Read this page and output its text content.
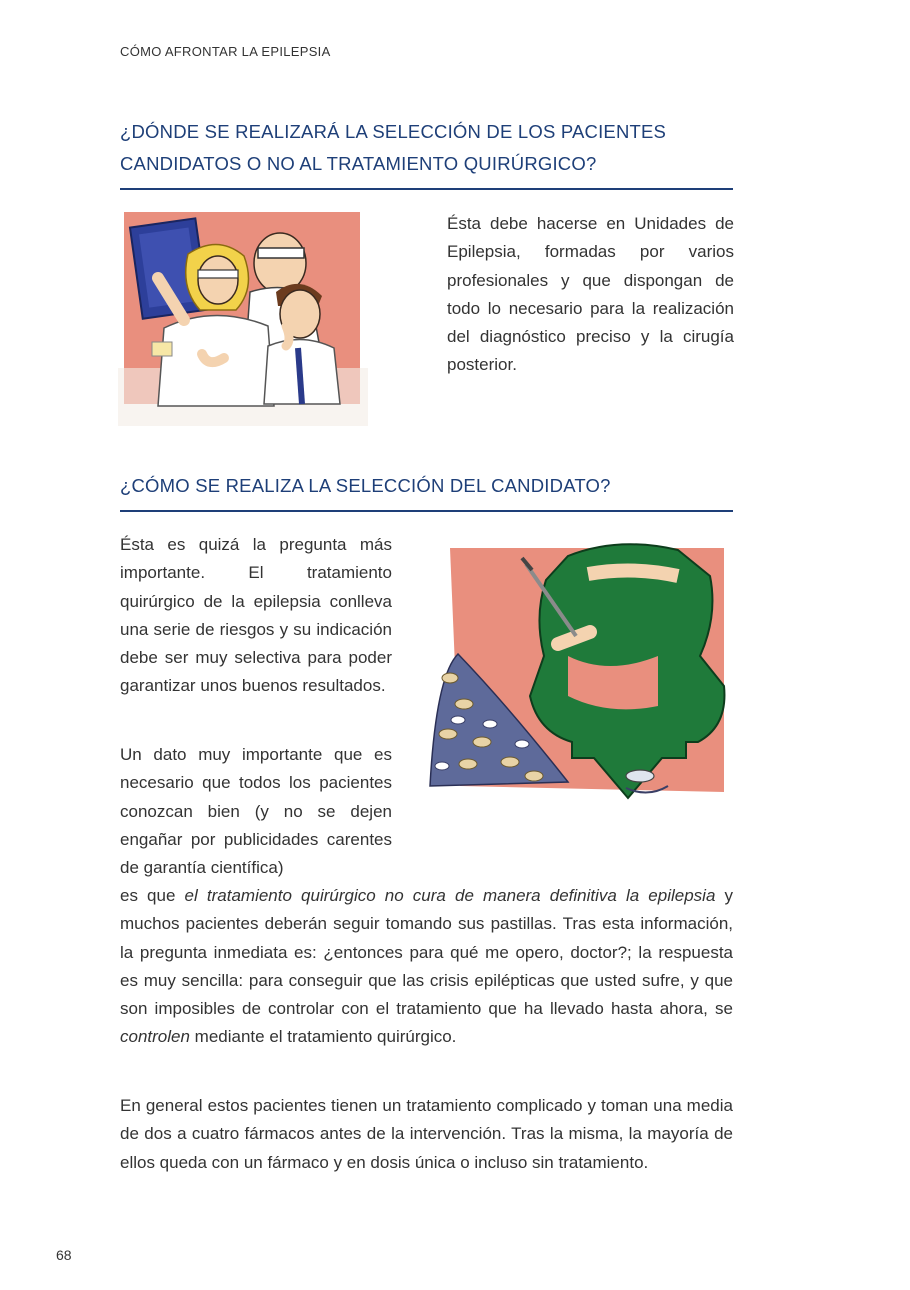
CÓMO AFRONTAR LA EPILEPSIA
¿DÓNDE SE REALIZARÁ LA SELECCIÓN DE LOS PACIENTES CANDIDATOS O NO AL TRATAMIENTO QUIRÚRGICO?

Ésta debe hacerse en Unidades de Epilepsia, formadas por varios profesionales y que dispongan de todo lo necesario para la realización del diagnóstico preciso y la cirugía posterior.

¿CÓMO SE REALIZA LA SELECCIÓN DEL CANDIDATO?

Ésta es quizá la pregunta más importante. El tratamiento quirúrgico de la epilepsia conlleva una serie de riesgos y su indicación debe ser muy selectiva para poder garantizar unos buenos resultados.

Un dato muy importante que es necesario que todos los pacientes conozcan bien (y no se dejen engañar por publicidades carentes de garantía científica)

es que el tratamiento quirúrgico no cura de manera definitiva la epilepsia y muchos pacientes deberán seguir tomando sus pastillas. Tras esta información, la pregunta inmediata es: ¿entonces para qué me opero, doctor?; la respuesta es muy sencilla: para conseguir que las crisis epilépticas que usted sufre, y que son imposibles de controlar con el tratamiento que ha llevado hasta ahora, se controlen mediante el tratamiento quirúrgico.

En general estos pacientes tienen un tratamiento complicado y toman una media de dos a cuatro fármacos antes de la intervención. Tras la misma, la mayoría de ellos queda con un fármaco y en dosis única o incluso sin tratamiento.

68
